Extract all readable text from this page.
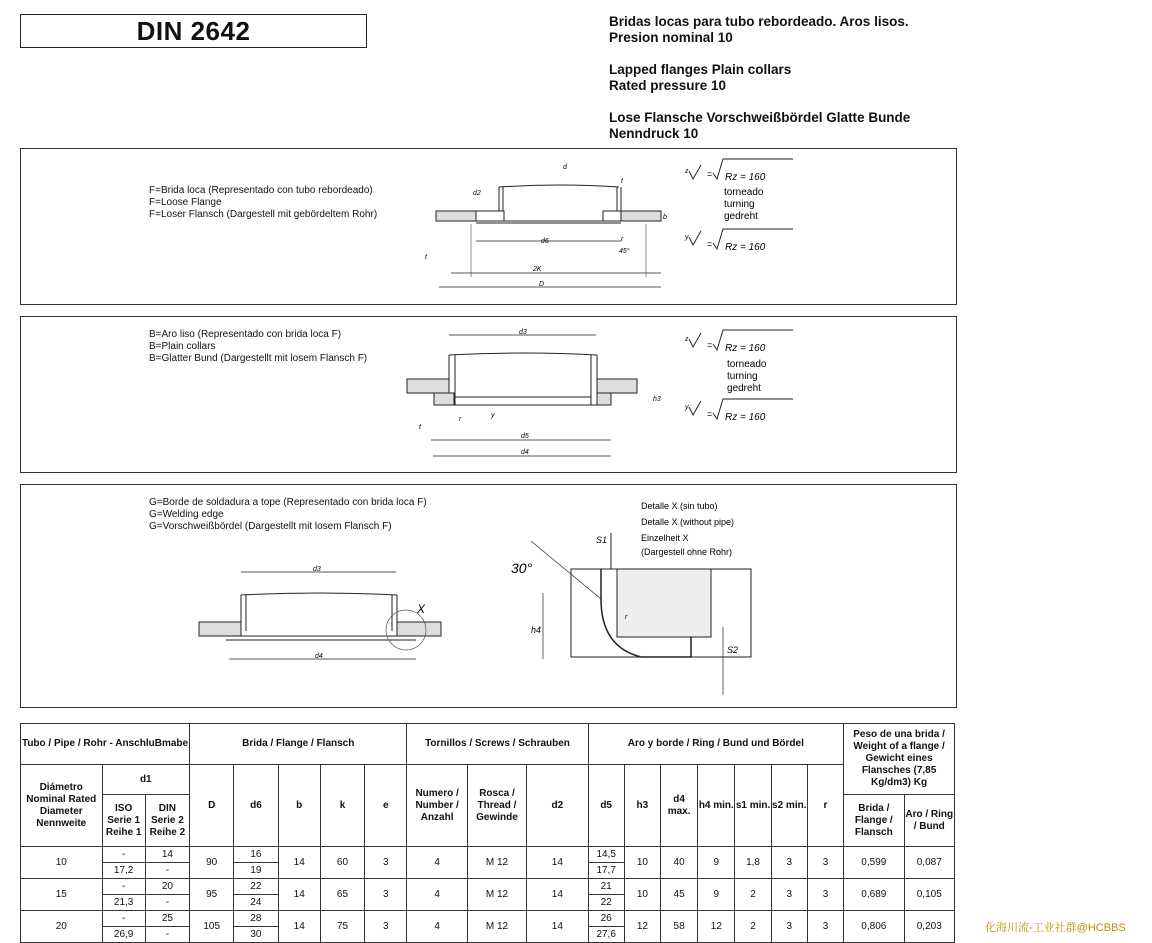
DIN 2642	Bridas locas para tubo rebordeado. Aros lisos.
Presion nominal 10
Lapped flanges Plain collars
Rated pressure 10
Lose Flansche Vorschweißbördel Glatte Bunde
Nenndruck 10
F=Brida loca (Representado con tubo rebordeado)
F=Loose Flange
F=Loser Flansch (Dargestell mit gebördeltem Rohr)
d6
2K
D
d
t
d2
b
r
45°
t
z = Rz = 160
torneado
turning
gedreht
y
= Rz = 160
B=Aro liso (Representado con brida loca F)
B=Plain collars
B=Glatter Bund (Dargestellt mit losem Flansch F)
d3
d5
d4
h3
r
y
t
z
= Rz = 160
torneado
turning
gedreht
y
= Rz = 160
G=Borde de soldadura a tope (Representado con brida loca F)
G=Welding edge
G=Vorschweißbördel (Dargestellt mit losem Flansch F)
d3
X
d4
Detalle X (sin tubo)
Detalle X (without pipe)
Einzelheit X
(Dargestell ohne Rohr)
S1
30°
h4
S2
r
Tubo / Pipe / Rohr - AnschluBmabe			Brida / Flange / Flansch					Tornillos / Screws / Schrauben			Aro y borde / Ring / Bund und Bördel							Peso de una brida / Weight of a flange / Gewicht eines Flansches (7,85 Kg/dm3) Kg	
Diámetro Nominal Rated Diameter Nennweite	d1		D	d6	b	k	e	Numero / Number / Anzahl	Rosca / Thread / Gewinde	d2	d5	h3	d4 max.	h4 min.	s1 min.	s2 min.	r		
	ISO Serie 1 Reihe 1	DIN Serie 2 Reihe 2																Brida / Flange / Flansch	Aro / Ring / Bund
10	-	14	90	16	14	60	3	4	M 12	14	14,5	10	40	9	1,8	3	3	0,599	0,087
	17,2	-		19							17,7								
15	-	20	95	22	14	65	3	4	M 12	14	21	10	45	9	2	3	3	0,689	0,105
	21,3	-		24							22								
20	-	25	105	28	14	75	3	4	M 12	14	26	12	58	12	2	3	3	0,806	0,203
	26,9	-		30							27,6									化海川流-工业社群@HCBBS
